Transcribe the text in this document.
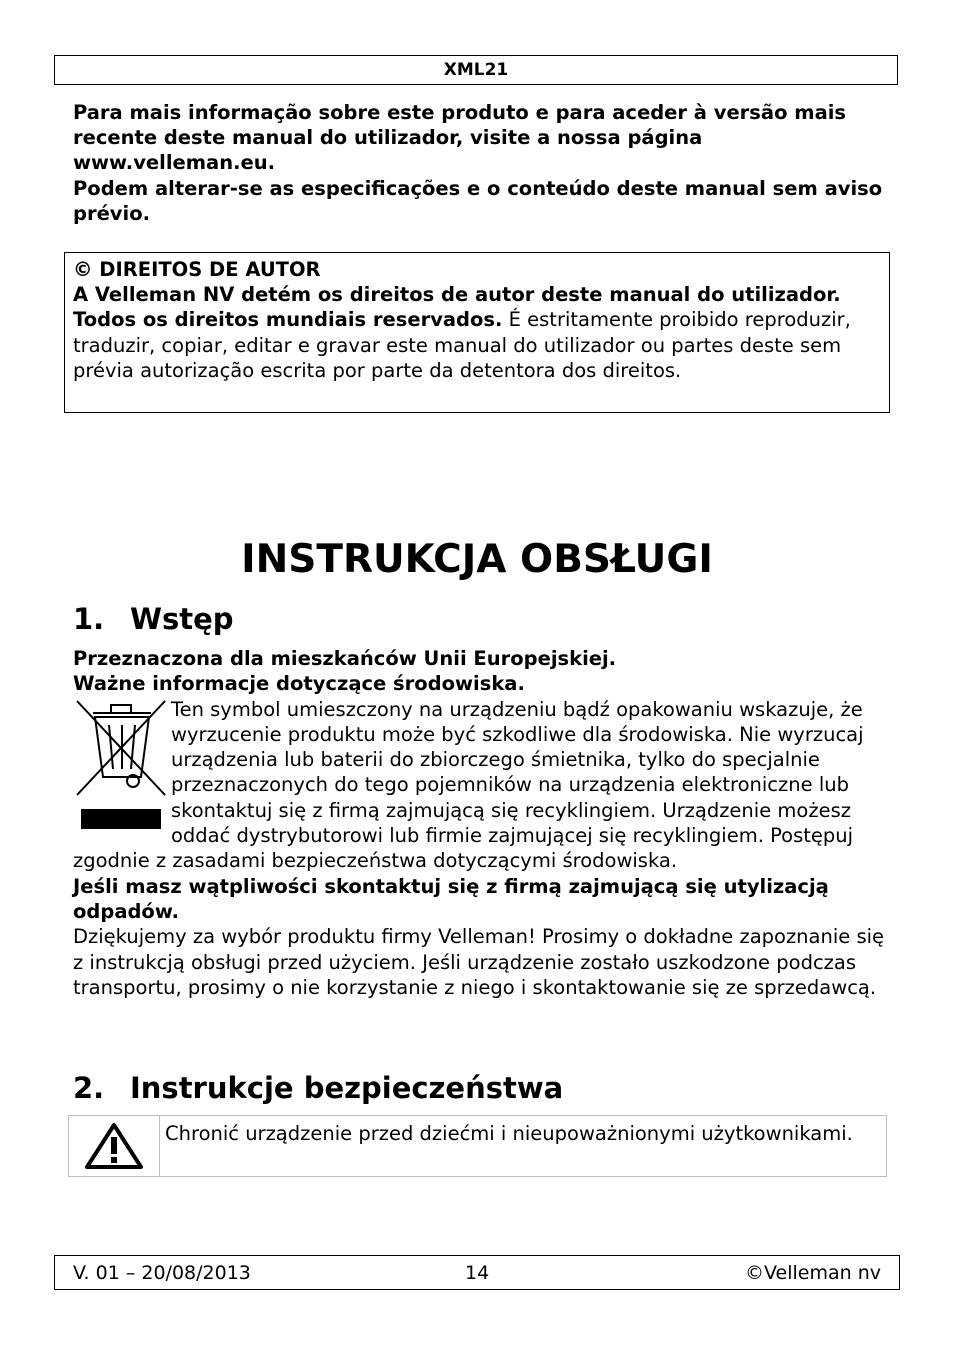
XML21

Para mais informação sobre este produto e para aceder à versão mais recente deste manual do utilizador, visite a nossa página www.velleman.eu.

Podem alterar-se as especificações e o conteúdo deste manual sem aviso prévio.

© DIREITOS DE AUTOR

A Velleman NV detém os direitos de autor deste manual do utilizador. Todos os direitos mundiais reservados. É estritamente proibido reproduzir, traduzir, copiar, editar e gravar este manual do utilizador ou partes deste sem prévia autorização escrita por parte da detentora dos direitos.

INSTRUKCJA OBSŁUGI
1. Wstęp

Przeznaczona dla mieszkańców Unii Europejskiej.

Ważne informacje dotyczące środowiska.

Ten symbol umieszczony na urządzeniu bądź opakowaniu wskazuje, że wyrzucenie produktu może być szkodliwe dla środowiska. Nie wyrzucaj urządzenia lub baterii do zbiorczego śmietnika, tylko do specjalnie przeznaczonych do tego pojemników na urządzenia elektroniczne lub skontaktuj się z firmą zajmującą się recyklingiem. Urządzenie możesz oddać dystrybutorowi lub firmie zajmującej się recyklingiem. Postępuj zgodnie z zasadami bezpieczeństwa dotyczącymi środowiska.

Jeśli masz wątpliwości skontaktuj się z firmą zajmującą się utylizacją odpadów.

Dziękujemy za wybór produktu firmy Velleman! Prosimy o dokładne zapoznanie się z instrukcją obsługi przed użyciem. Jeśli urządzenie zostało uszkodzone podczas transportu, prosimy o nie korzystanie z niego i skontaktowanie się ze sprzedawcą.

2. Instrukcje bezpieczeństwa
Chronić urządzenie przed dziećmi i nieupoważnionymi użytkownikami.
V. 01 – 20/08/2013	14	©Velleman nv
